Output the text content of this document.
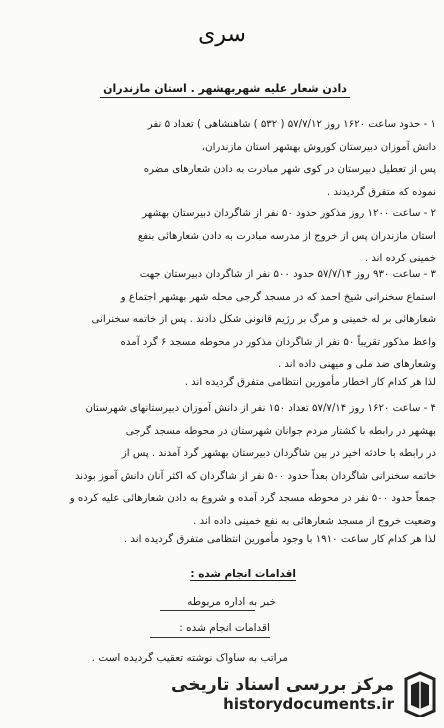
سری
دادن شعار علیه شهربهشهر . استان مازندران

۱ - حدود ساعت ۱۶۲۰ روز ۵۷/۷/۱۲ ( ۵۳۲ ) شاهنشاهی ) تعداد ۵ نفر

دانش آموزان دبیرستان کوروش بهشهر استان مازندران،

پس از تعطیل دبیرستان در کوی شهر مبادرت به دادن شعارهای مضره

نموده که متفرق گردیدند .

۲ - ساعت ۱۲۰۰ روز مذکور حدود ۵۰ نفر از شاگردان دبیرستان بهشهر

استان مازندران پس از خروج از مدرسه مبادرت به دادن شعارهائی بنفع

خمینی کرده اند .

۳ - ساعت ۹۳۰ روز ۵۷/۷/۱۴ حدود ۵۰۰ نفر از شاگردان دبیرستان جهت

استماع سخنرانی شیخ احمد که در مسجد گرجی محله شهر بهشهر اجتماع و

شعارهائی بر له خمینی و مرگ بر رژیم قانونی شکل دادند . پس از خاتمه سخنرانی

واعظ مذکور تقریباً ۵۰ نفر از شاگردان مذکور در محوطه مسجد ۶ گرد آمده

وشعارهای ضد ملی و میهنی داده اند .

لذا هر کدام کار اخطار مأمورین انتظامی متفرق گردیده اند .

۴ - ساعت ۱۶۲۰ روز ۵۷/۷/۱۴ تعداد ۱۵۰ نفر از دانش آموزان دبیرستانهای شهرستان

بهشهر در رابطه با کشتار مردم جوانان شهرستان در محوطه مسجد گرجی

در رابطه با حادثه اخیر در بین شاگردان دبیرستان بهشهر گرد آمدند . پس از

خاتمه سخنرانی شاگردان بعداً حدود ۵۰۰ نفر از شاگردان که اکثر آنان دانش آموز بودند

جمعاً حدود ۵۰۰ نفر در محوطه مسجد گرد آمده و شروع به دادن شعارهائی علیه کرده و

وضعیت خروج از مسجد شعارهائی به نفع خمینی داده اند .

لذا هر کدام کار ساعت ۱۹۱۰ با وجود مأمورین انتظامی متفرق گردیده اند .

اقدامات انجام شده :
خبر به اداره مربوطه
اقدامات انجام شده :
مراتب به ساواک نوشته تعقیب گردیده است .
مرکز بررسی اسناد تاریخی
historydocuments.ir
